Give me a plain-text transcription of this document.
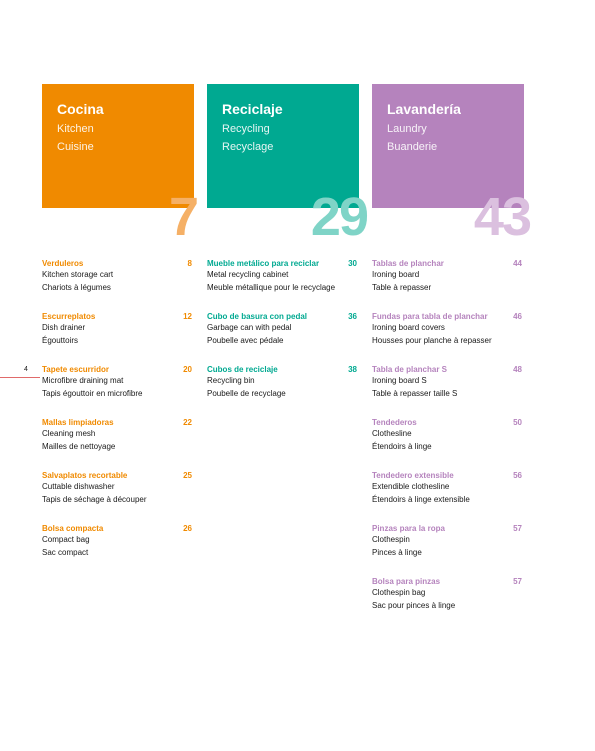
4
Cocina
Kitchen
Cuisine
7
Verduleros	8
Kitchen storage cart
Chariots à légumes
Escurreplatos	12
Dish drainer
Égouttoirs
Tapete escurridor	20
Microfibre draining mat
Tapis égouttoir en microfibre
Mallas limpiadoras	22
Cleaning mesh
Mailles de nettoyage
Salvaplatos recortable	25
Cuttable dishwasher
Tapis de séchage à découper
Bolsa compacta	26
Compact bag
Sac compact
Reciclaje
Recycling
Recyclage
29
Mueble metálico para reciclar	30
Metal recycling cabinet
Meuble métallique pour le recyclage
Cubo de basura con pedal	36
Garbage can with pedal
Poubelle avec pédale
Cubos de reciclaje	38
Recycling bin
Poubelle de recyclage
Lavandería
Laundry
Buanderie
43
Tablas de planchar	44
Ironing board
Table à repasser
Fundas para tabla de planchar	46
Ironing board covers
Housses pour planche à repasser
Tabla de planchar S	48
Ironing board S
Table à repasser taille S
Tendederos	50
Clothesline
Étendoirs à linge
Tendedero extensible	56
Extendible clothesline
Étendoirs à linge extensible
Pinzas para la ropa	57
Clothespin
Pinces à linge
Bolsa para pinzas	57
Clothespin bag
Sac pour pinces à linge
